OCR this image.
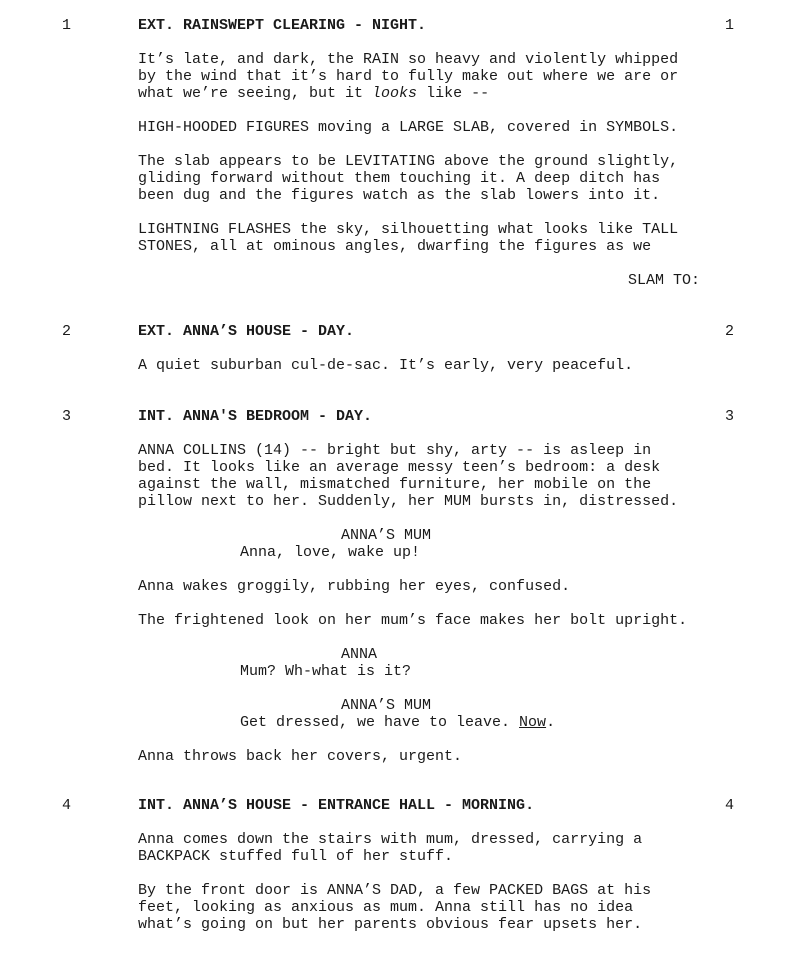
1	EXT. RAINSWEPT CLEARING - NIGHT.	1

It’s late, and dark, the RAIN so heavy and violently whipped
by the wind that it’s hard to fully make out where we are or
what we’re seeing, but it looks like --

HIGH-HOODED FIGURES moving a LARGE SLAB, covered in SYMBOLS.

The slab appears to be LEVITATING above the ground slightly,
gliding forward without them touching it. A deep ditch has
been dug and the figures watch as the slab lowers into it.

LIGHTNING FLASHES the sky, silhouetting what looks like TALL
STONES, all at ominous angles, dwarfing the figures as we

SLAM TO:
2	EXT. ANNA’S HOUSE - DAY.	2

A quiet suburban cul-de-sac. It’s early, very peaceful.

3	INT. ANNA'S BEDROOM - DAY.	3

ANNA COLLINS (14) -- bright but shy, arty -- is asleep in
bed. It looks like an average messy teen’s bedroom: a desk
against the wall, mismatched furniture, her mobile on the
pillow next to her. Suddenly, her MUM bursts in, distressed.

ANNA’S MUM
Anna, love, wake up!

Anna wakes groggily, rubbing her eyes, confused.

The frightened look on her mum’s face makes her bolt upright.

ANNA
Mum? Wh-what is it?
ANNA’S MUM
Get dressed, we have to leave. Now.

Anna throws back her covers, urgent.

4	INT. ANNA’S HOUSE - ENTRANCE HALL - MORNING.	4

Anna comes down the stairs with mum, dressed, carrying a
BACKPACK stuffed full of her stuff.

By the front door is ANNA’S DAD, a few PACKED BAGS at his
feet, looking as anxious as mum. Anna still has no idea
what’s going on but her parents obvious fear upsets her.
